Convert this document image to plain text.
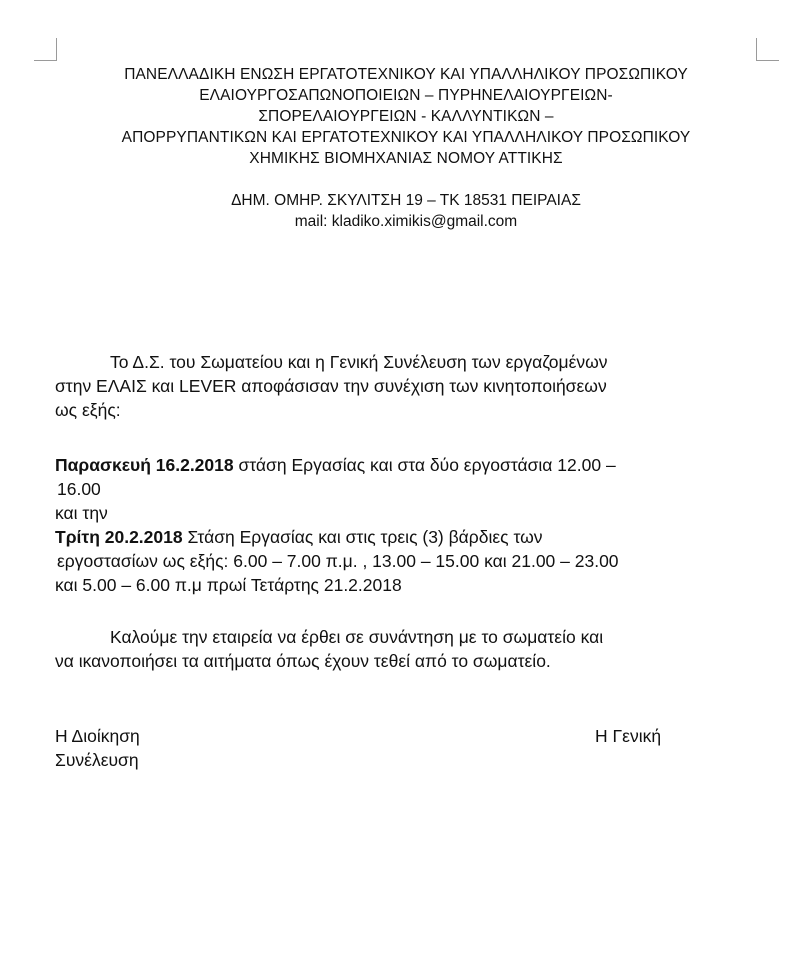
ΠΑΝΕΛΛΑΔΙΚΗ ΕΝΩΣΗ ΕΡΓΑΤΟΤΕΧΝΙΚΟΥ ΚΑΙ ΥΠΑΛΛΗΛΙΚΟΥ ΠΡΟΣΩΠΙΚΟΥ
ΕΛΑΙΟΥΡΓΟΣΑΠΩΝΟΠΟΙΕΙΩΝ – ΠΥΡΗΝΕΛΑΙΟΥΡΓΕΙΩΝ-
ΣΠΟΡΕΛΑΙΟΥΡΓΕΙΩΝ - ΚΑΛΛΥΝΤΙΚΩΝ –
ΑΠΟΡΡΥΠΑΝΤΙΚΩΝ ΚΑΙ ΕΡΓΑΤΟΤΕΧΝΙΚΟΥ ΚΑΙ ΥΠΑΛΛΗΛΙΚΟΥ ΠΡΟΣΩΠΙΚΟΥ
ΧΗΜΙΚΗΣ ΒΙΟΜΗΧΑΝΙΑΣ ΝΟΜΟΥ ΑΤΤΙΚΗΣ
ΔΗΜ. ΟΜΗΡ. ΣΚΥΛΙΤΣΗ 19 – ΤΚ 18531 ΠΕΙΡΑΙΑΣ
mail: kladiko.ximikis@gmail.com
Το Δ.Σ. του Σωματείου και η Γενική Συνέλευση των εργαζομένων
στην ΕΛΑΙΣ και LEVER αποφάσισαν την συνέχιση των κινητοποιήσεων
ως εξής:
Παρασκευή 16.2.2018 στάση Εργασίας και στα δύο εργοστάσια 12.00 –
16.00
και την
Τρίτη 20.2.2018 Στάση Εργασίας και στις τρεις (3) βάρδιες των
εργοστασίων ως εξής: 6.00 – 7.00 π.μ. , 13.00 – 15.00 και 21.00 – 23.00
και 5.00 – 6.00 π.μ πρωί Τετάρτης 21.2.2018
Καλούμε την εταιρεία να έρθει σε συνάντηση με το σωματείο και
να ικανοποιήσει τα αιτήματα όπως έχουν τεθεί από το σωματείο.
Η Διοίκηση	Η Γενική
Συνέλευση
